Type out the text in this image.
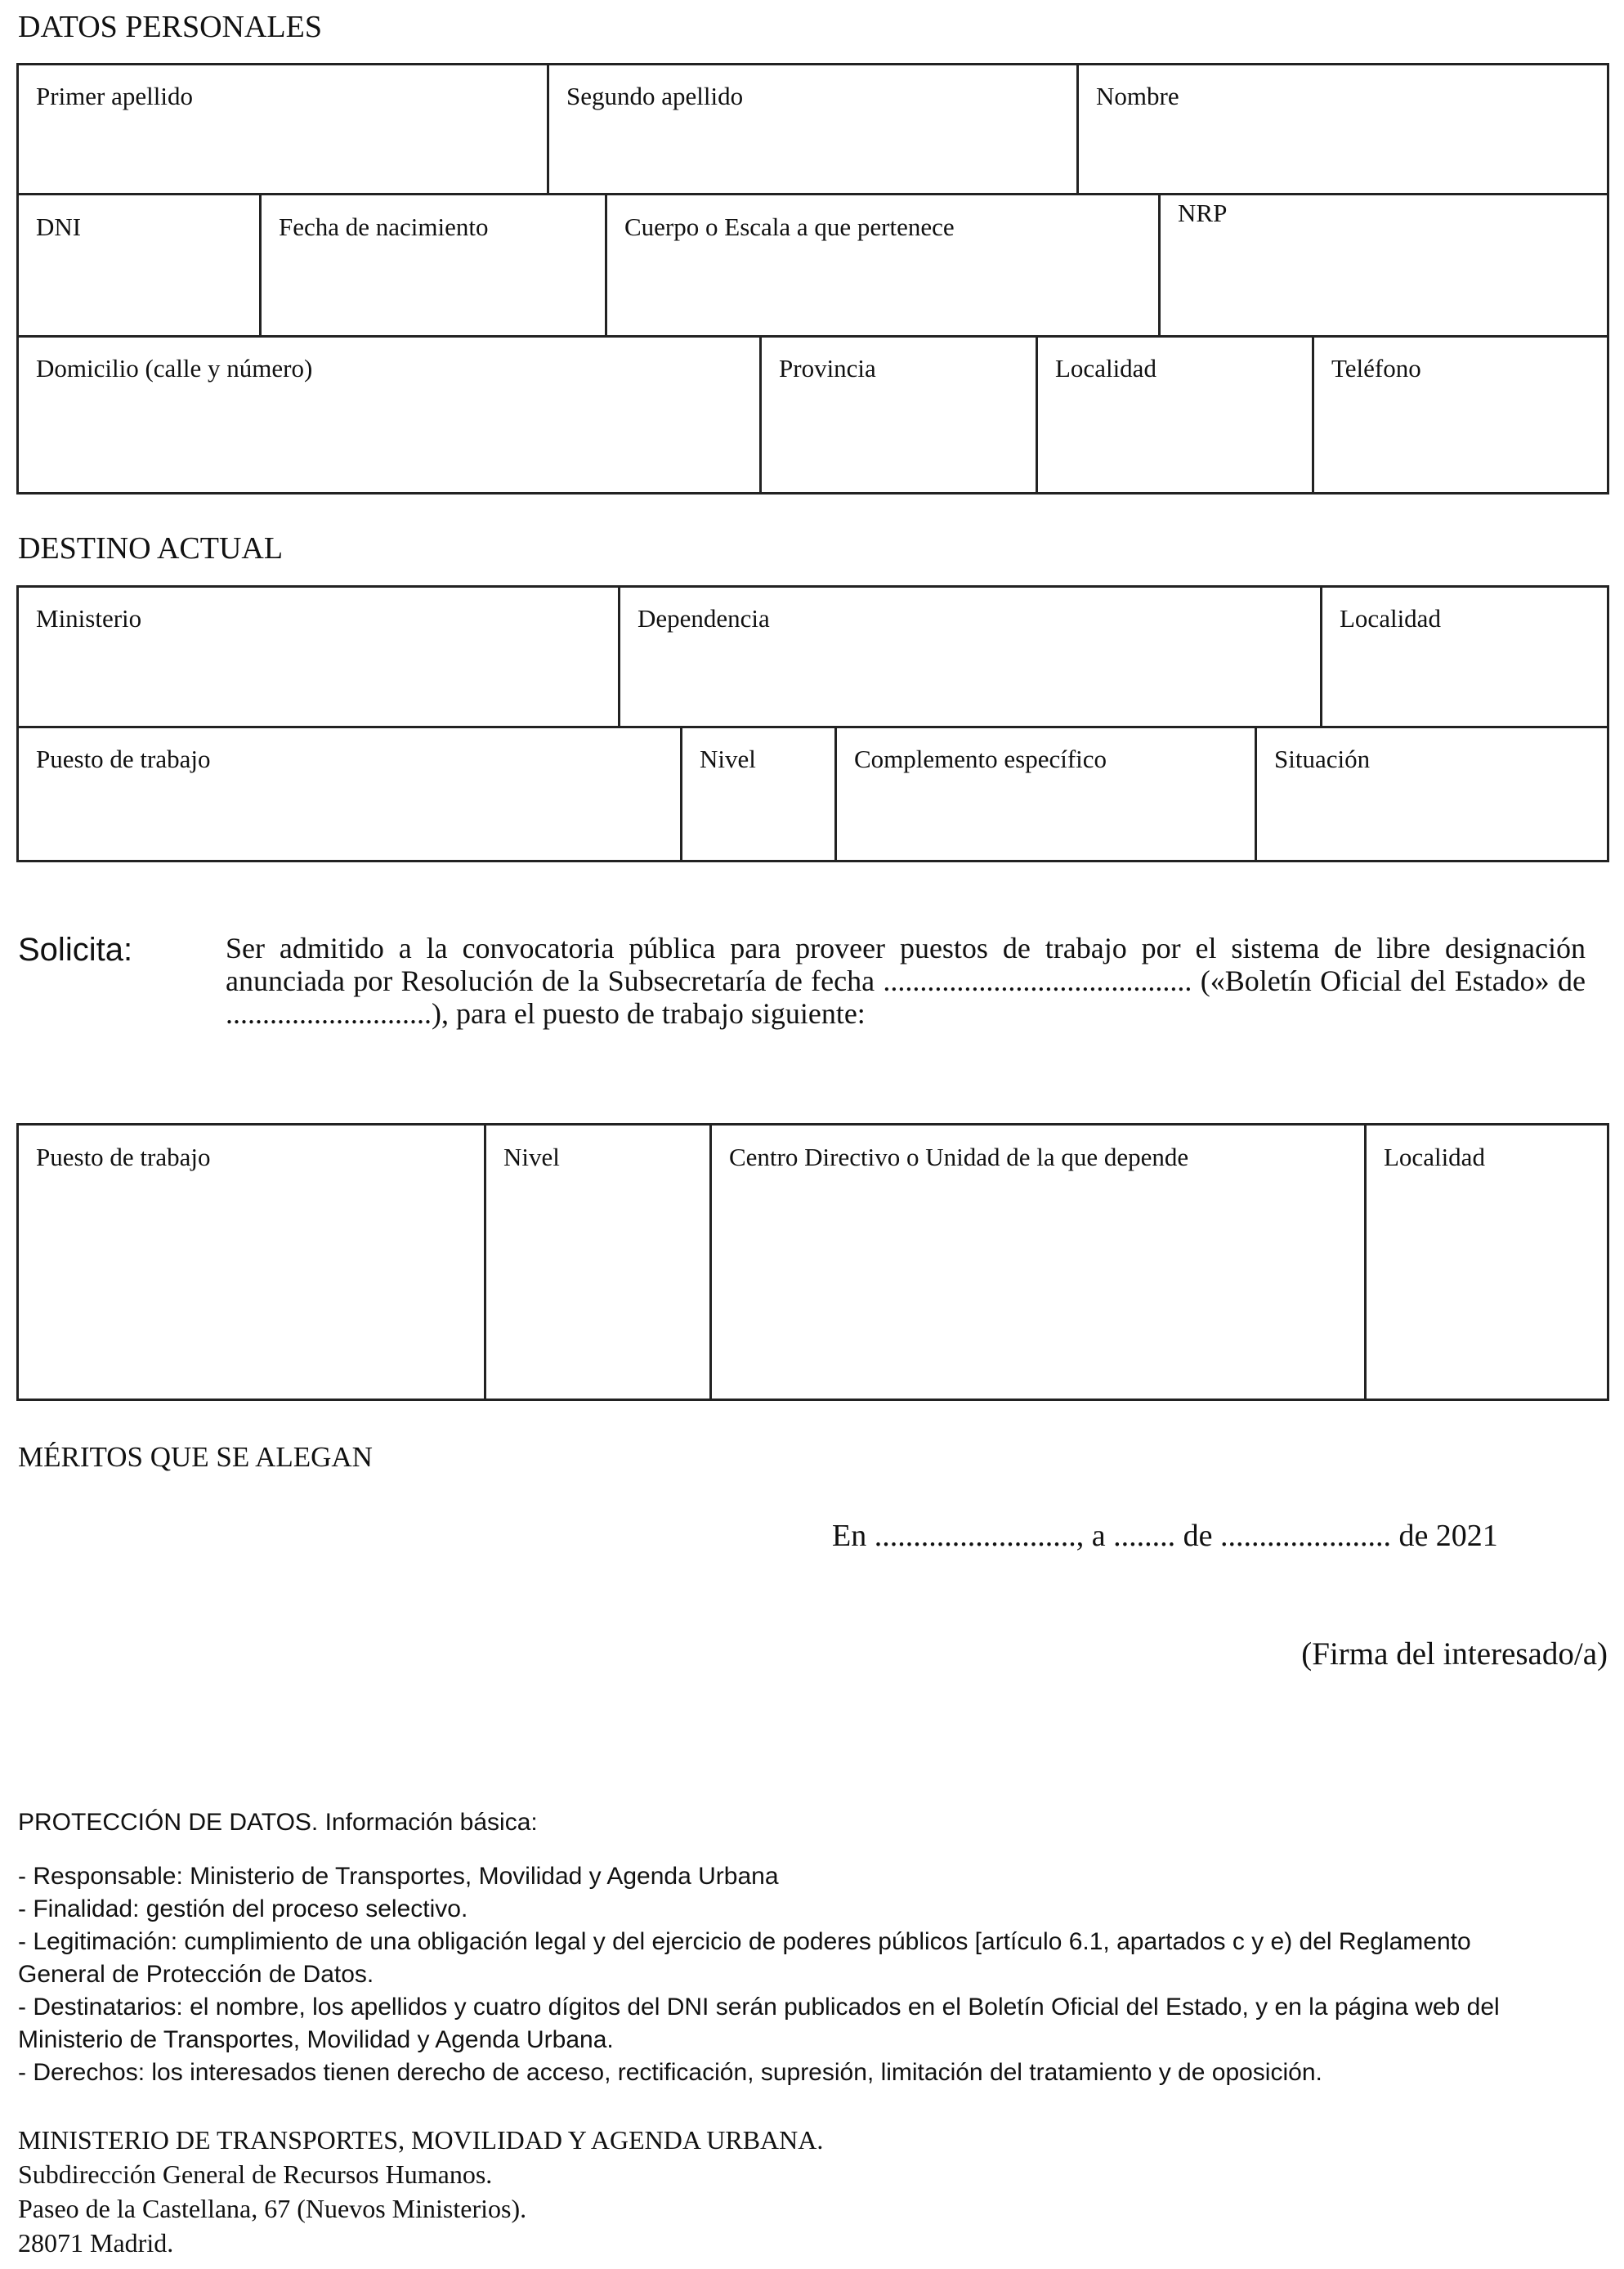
DATOS PERSONALES
Primer apellido	Segundo apellido	Nombre
DNI	Fecha de nacimiento	Cuerpo o Escala a que pertenece	NRP
Domicilio (calle y número)	Provincia	Localidad	Teléfono
DESTINO ACTUAL
Ministerio	Dependencia	Localidad
Puesto de trabajo	Nivel	Complemento específico	Situación
Solicita:	Ser admitido a la convocatoria pública para proveer puestos de trabajo por el sistema de libre designación anunciada por Resolución de la Subsecretaría de fecha .......................................... («Boletín Oficial del Estado» de ............................), para el puesto de trabajo siguiente:
Puesto de trabajo	Nivel	Centro Directivo o Unidad de la que depende	Localidad
MÉRITOS QUE SE ALEGAN
En .........................., a ........ de ...................... de 2021
(Firma del interesado/a)
PROTECCIÓN DE DATOS. Información básica:
- Responsable: Ministerio de Transportes, Movilidad y Agenda Urbana
- Finalidad: gestión del proceso selectivo.
- Legitimación: cumplimiento de una obligación legal y del ejercicio de poderes públicos [artículo 6.1, apartados c y e) del Reglamento General de Protección de Datos.
- Destinatarios: el nombre, los apellidos y cuatro dígitos del DNI serán publicados en el Boletín Oficial del Estado, y en la página web del Ministerio de Transportes, Movilidad y Agenda Urbana.
- Derechos: los interesados tienen derecho de acceso, rectificación, supresión, limitación del tratamiento y de oposición.
MINISTERIO DE TRANSPORTES, MOVILIDAD Y AGENDA URBANA.
Subdirección General de Recursos Humanos.
Paseo de la Castellana, 67 (Nuevos Ministerios).
28071 Madrid.
